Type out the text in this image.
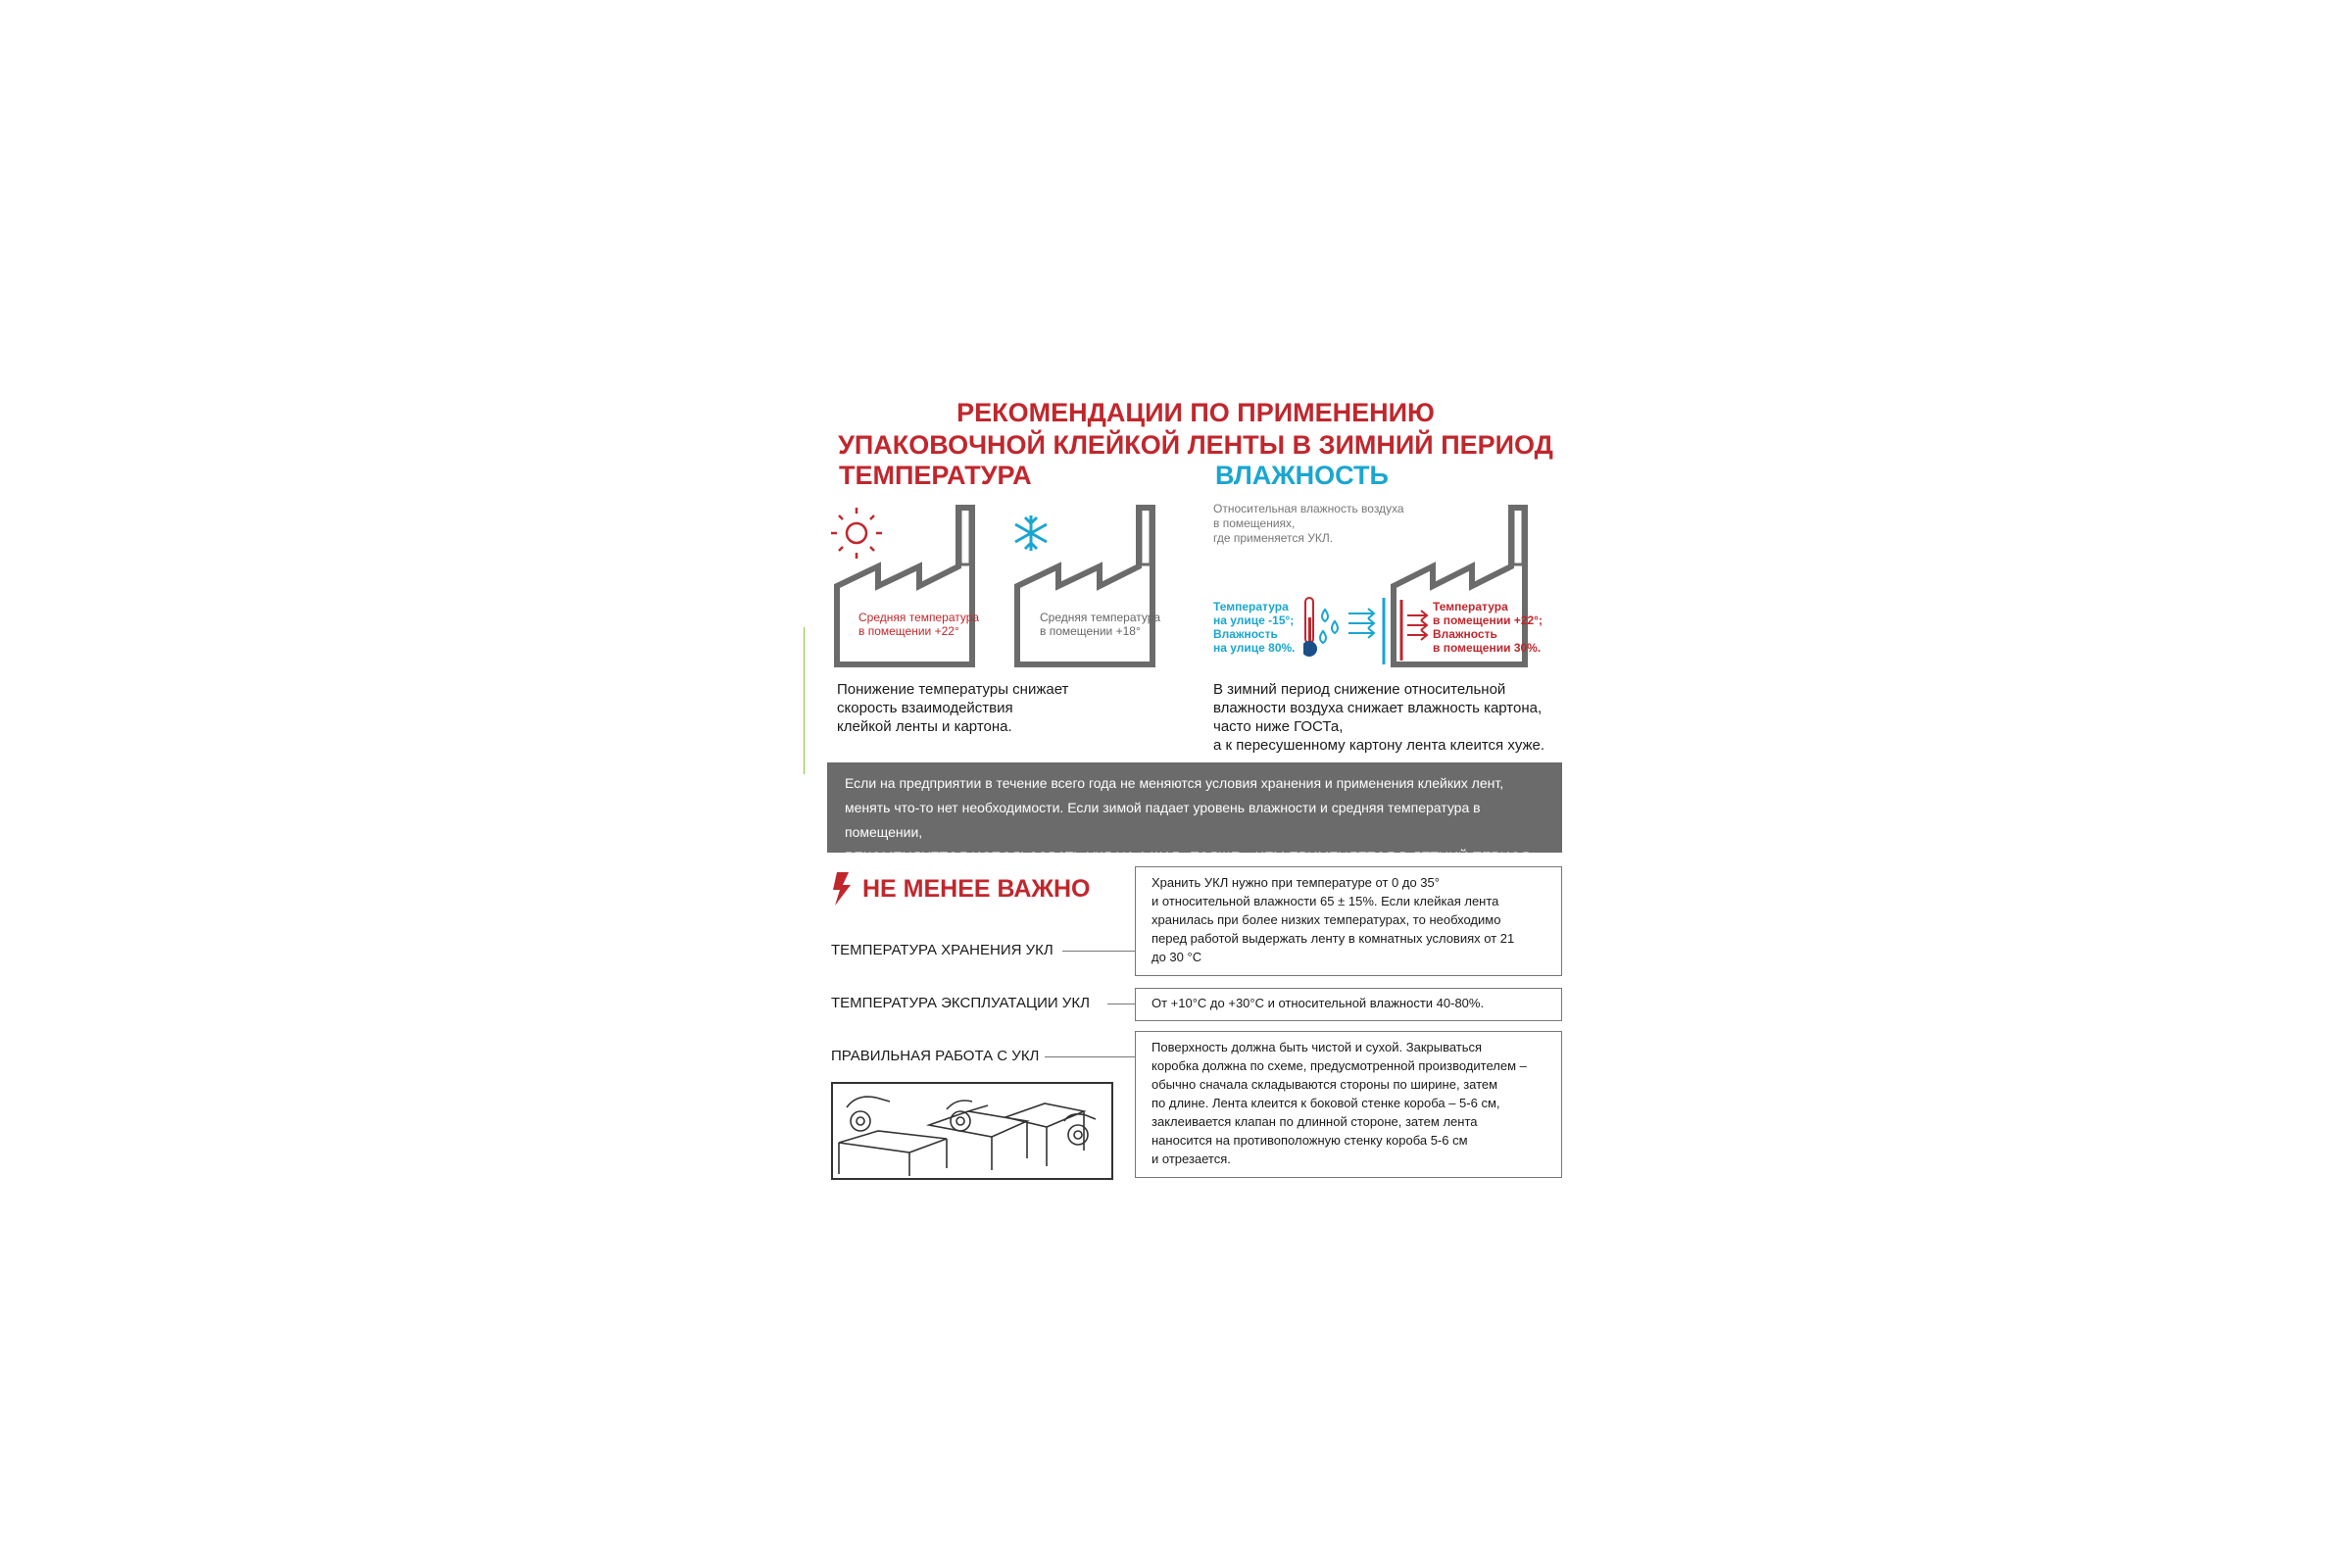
РЕКОМЕНДАЦИИ ПО ПРИМЕНЕНИЮ
УПАКОВОЧНОЙ КЛЕЙКОЙ ЛЕНТЫ В ЗИМНИЙ ПЕРИОД
ТЕМПЕРАТУРА	ВЛАЖНОСТЬ
Средняя температура
в помещении +22°
Средняя температура
в помещении +18°
Понижение температуры снижает
скорость взаимодействия
клейкой ленты и картона.
Относительная влажность воздуха
в помещениях,
где применяется УКЛ.
Температура
на улице -15°;
Влажность
на улице 80%.
Температура
в помещении +22°;
Влажность
в помещении 30%.
В зимний период снижение относительной
влажности воздуха снижает влажность картона,
часто ниже ГОСТа,
а к пересушенному картону лента клеится хуже.
Если на предприятии в течение всего года не меняются условия хранения и применения клейких лент,
менять что-то нет необходимости. Если зимой падает уровень влажности и средняя температура в помещении,
РЕКОМЕНДУЕТСЯ ИСПОЛЬЗОВАТЬ УКЛ НА 1 ШАГ «ТОЛЩЕ», ЧЕМ ПРИМЕНЯЕТСЯ В ЛЕТНИЙ ПЕРИОД.
НЕ МЕНЕЕ ВАЖНО
ТЕМПЕРАТУРА ХРАНЕНИЯ УКЛ
Хранить УКЛ нужно при температуре от 0 до 35°
и относительной влажности 65 ± 15%. Если клейкая лента
хранилась при более низких температурах, то необходимо
перед работой выдержать ленту в комнатных условиях от 21
до 30 °С
ТЕМПЕРАТУРА ЭКСПЛУАТАЦИИ УКЛ	От +10°С до +30°С и относительной влажности 40-80%.
ПРАВИЛЬНАЯ РАБОТА С УКЛ
Поверхность должна быть чистой и сухой. Закрываться
коробка должна по схеме, предусмотренной производителем –
обычно сначала складываются стороны по ширине, затем
по длине. Лента клеится к боковой стенке короба – 5-6 см,
заклеивается клапан по длинной стороне, затем лента
наносится на противоположную стенку короба 5-6 см
и отрезается.
